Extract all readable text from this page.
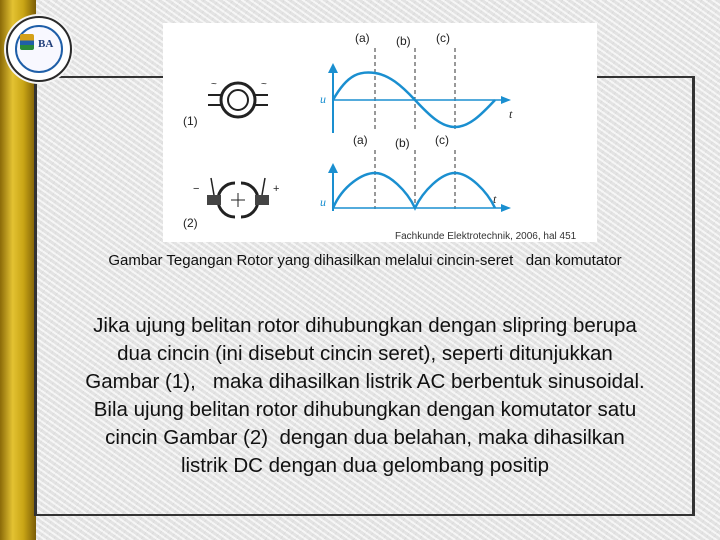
BA	(a) (b) (c)
u
t
~	~
(1)
(a) (b) (c)
u	t
−	+
(2)
Fachkunde Elektrotechnik, 2006, hal 451
Gambar Tegangan Rotor yang dihasilkan melalui cincin-seret   dan komutator
Jika ujung belitan rotor dihubungkan dengan slipring berupa
dua cincin (ini disebut cincin seret), seperti ditunjukkan
Gambar (1),   maka dihasilkan listrik AC berbentuk sinusoidal.
Bila ujung belitan rotor dihubungkan dengan komutator satu
cincin Gambar (2)  dengan dua belahan, maka dihasilkan
listrik DC dengan dua gelombang positip
